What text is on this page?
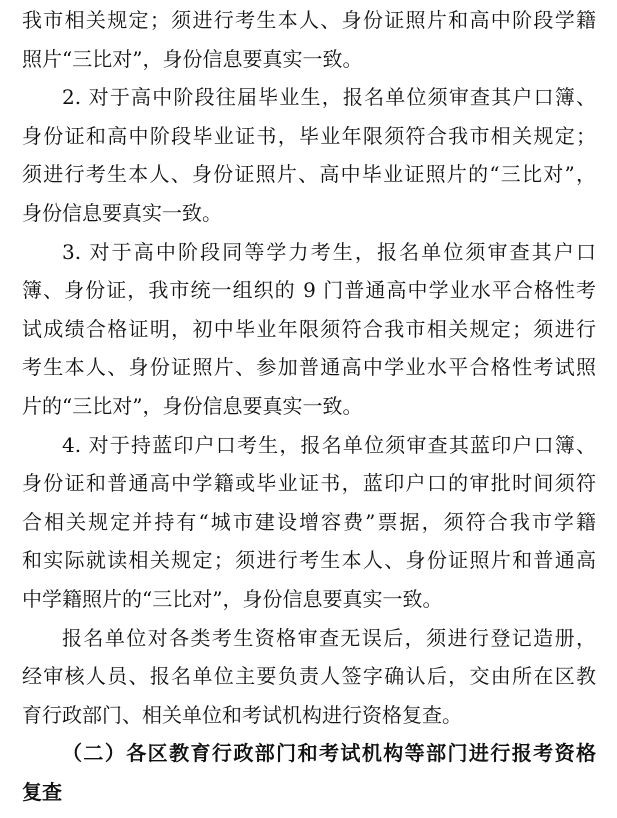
我市相关规定；须进行考生本人、身份证照片和高中阶段学籍
照片“三比对”，身份信息要真实一致。
2. 对于高中阶段往届毕业生，报名单位须审查其户口簿、
身份证和高中阶段毕业证书，毕业年限须符合我市相关规定；
须进行考生本人、身份证照片、高中毕业证照片的“三比对”，
身份信息要真实一致。
3. 对于高中阶段同等学力考生，报名单位须审查其户口
簿、身份证，我市统一组织的 9 门普通高中学业水平合格性考
试成绩合格证明，初中毕业年限须符合我市相关规定；须进行
考生本人、身份证照片、参加普通高中学业水平合格性考试照
片的“三比对”，身份信息要真实一致。
4. 对于持蓝印户口考生，报名单位须审查其蓝印户口簿、
身份证和普通高中学籍或毕业证书，蓝印户口的审批时间须符
合相关规定并持有“城市建设增容费”票据，须符合我市学籍
和实际就读相关规定；须进行考生本人、身份证照片和普通高
中学籍照片的“三比对”，身份信息要真实一致。
报名单位对各类考生资格审查无误后，须进行登记造册，
经审核人员、报名单位主要负责人签字确认后，交由所在区教
育行政部门、相关单位和考试机构进行资格复查。
（二）各区教育行政部门和考试机构等部门进行报考资格
复查
